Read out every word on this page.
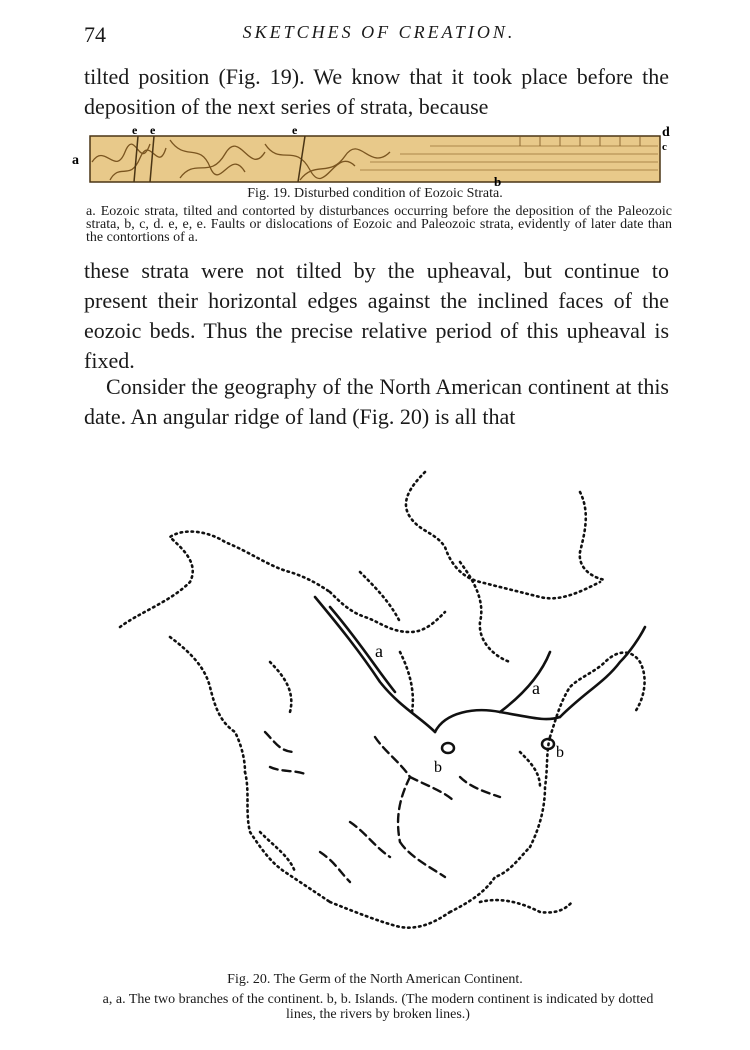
74	SKETCHES OF CREATION.

tilted position (Fig. 19). We know that it took place before the deposition of the next series of strata, because

a
e e	e	d
c
b
Fig. 19. Disturbed condition of Eozoic Strata.
a. Eozoic strata, tilted and contorted by disturbances occurring before the deposition of the Paleozoic strata, b, c, d. e, e, e. Faults or dislocations of Eozoic and Paleozoic strata, evidently of later date than the contortions of a.

these strata were not tilted by the upheaval, but continue to present their horizontal edges against the inclined faces of the eozoic beds. Thus the precise relative period of this upheaval is fixed.

Consider the geography of the North American continent at this date. An angular ridge of land (Fig. 20) is all that

a
a
b
b
Fig. 20. The Germ of the North American Continent.
a, a. The two branches of the continent. b, b. Islands. (The modern continent is indicated by dotted lines, the rivers by broken lines.)
